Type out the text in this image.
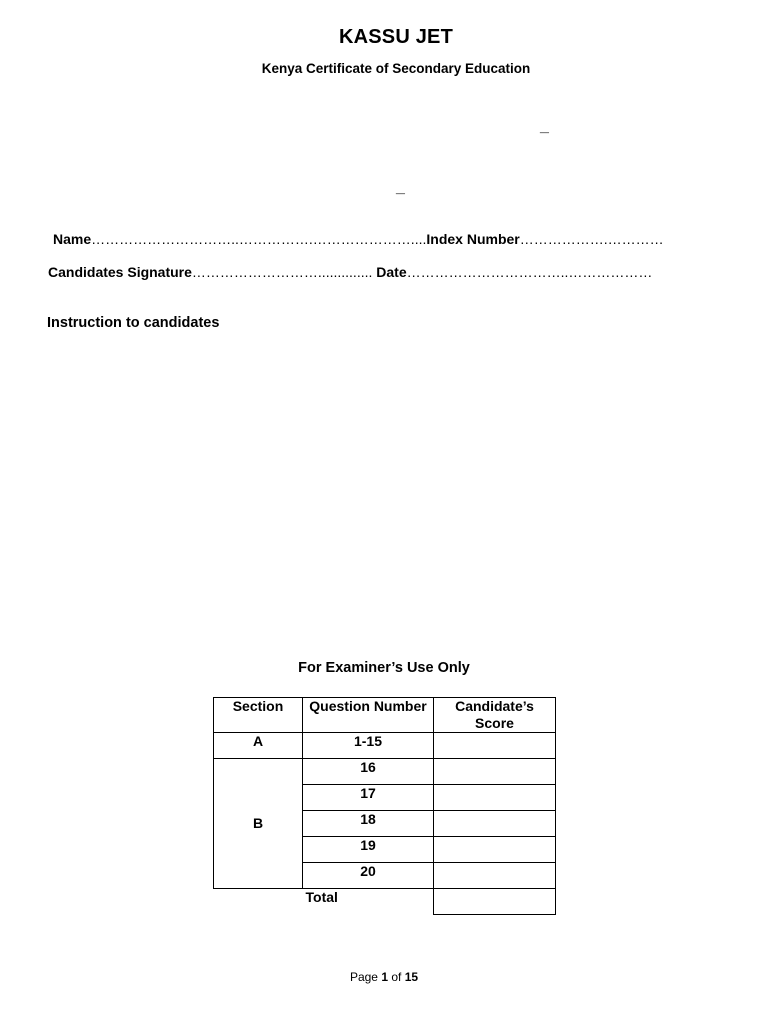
KASSU JET
Kenya Certificate of Secondary Education
_
_
Name…………………………..…………….…………………....Index Number……………….…………
Candidates Signature……………………….............. Date……………………………..………………
Instruction to candidates
For Examiner’s Use Only
Section	Question Number	Candidate’s Score
A	1-15	
B	16	
	17	
	18	
	19	
	20	
	Total	
Page 1 of 15
